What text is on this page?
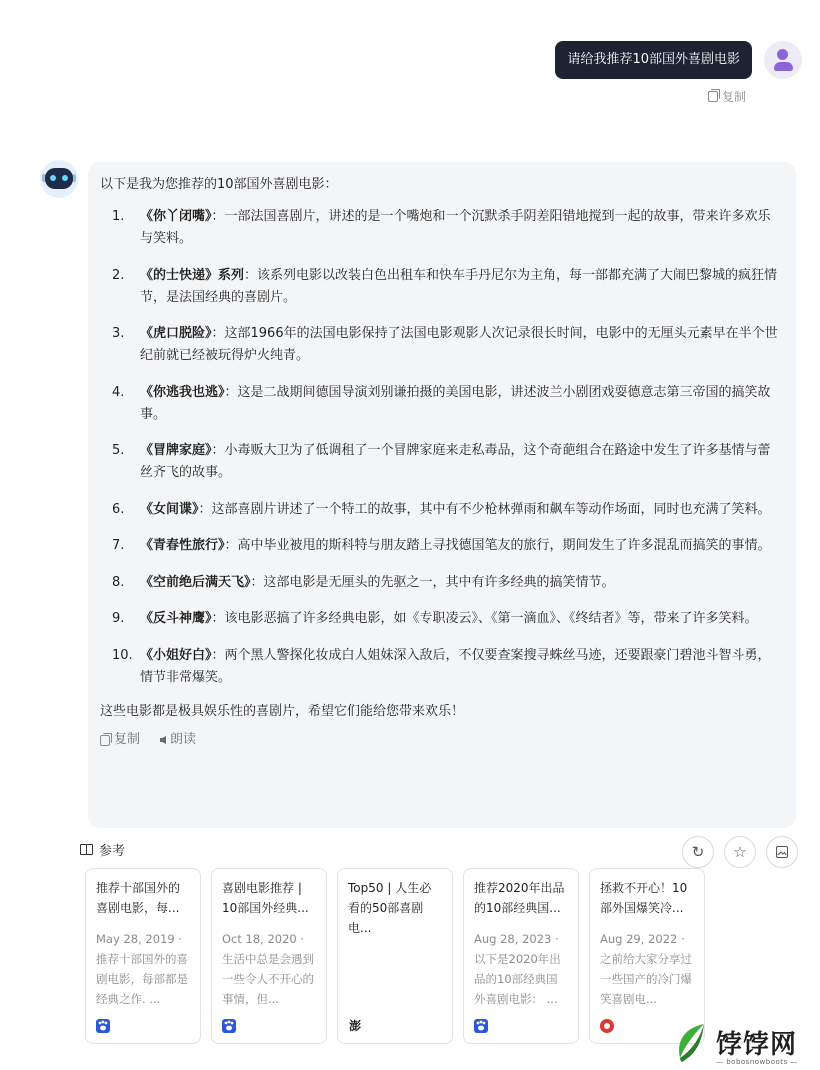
请给我推荐10部国外喜剧电影
复制
以下是我为您推荐的10部国外喜剧电影：
1.	《你丫闭嘴》：一部法国喜剧片，讲述的是一个嘴炮和一个沉默杀手阴差阳错地搅到一起的故事，带来许多欢乐与笑料。
2.	《的士快递》系列：该系列电影以改装白色出租车和快车手丹尼尔为主角，每一部都充满了大闹巴黎城的疯狂情节，是法国经典的喜剧片。
3.	《虎口脱险》：这部1966年的法国电影保持了法国电影观影人次记录很长时间，电影中的无厘头元素早在半个世纪前就已经被玩得炉火纯青。
4.	《你逃我也逃》：这是二战期间德国导演刘别谦拍摄的美国电影，讲述波兰小剧团戏耍德意志第三帝国的搞笑故事。
5.	《冒牌家庭》：小毒贩大卫为了低调租了一个冒牌家庭来走私毒品，这个奇葩组合在路途中发生了许多基情与蕾丝齐飞的故事。
6.	《女间谍》：这部喜剧片讲述了一个特工的故事，其中有不少枪林弹雨和飙车等动作场面，同时也充满了笑料。
7.	《青春性旅行》：高中毕业被甩的斯科特与朋友踏上寻找德国笔友的旅行，期间发生了许多混乱而搞笑的事情。
8.	《空前绝后满天飞》：这部电影是无厘头的先驱之一，其中有许多经典的搞笑情节。
9.	《反斗神鹰》：该电影恶搞了许多经典电影，如《专职凌云》、《第一滴血》、《终结者》等，带来了许多笑料。
10. 《小姐好白》：两个黑人警探化妆成白人姐妹深入敌后，不仅要查案搜寻蛛丝马迹，还要跟豪门碧池斗智斗勇，情节非常爆笑。
这些电影都是极具娱乐性的喜剧片，希望它们能给您带来欢乐！
复制 朗读
参考	↻ ☆
推荐十部国外的喜剧电影，每...
May 28, 2019 ·
推荐十部国外的喜剧电影，每部都是经典之作. ...
喜剧电影推荐 | 10部国外经典...
Oct 18, 2020 ·
生活中总是会遇到一些令人不开心的事情，但...
Top50 | 人生必看的50部喜剧电...
澎
推荐2020年出品的10部经典国...
Aug 28, 2023 ·
以下是2020年出品的10部经典国外喜剧电影： ...
拯救不开心！10部外国爆笑冷...
Aug 29, 2022 ·
之前给大家分享过一些国产的冷门爆笑喜剧电...
饽饽网
— bobosnowboots —
